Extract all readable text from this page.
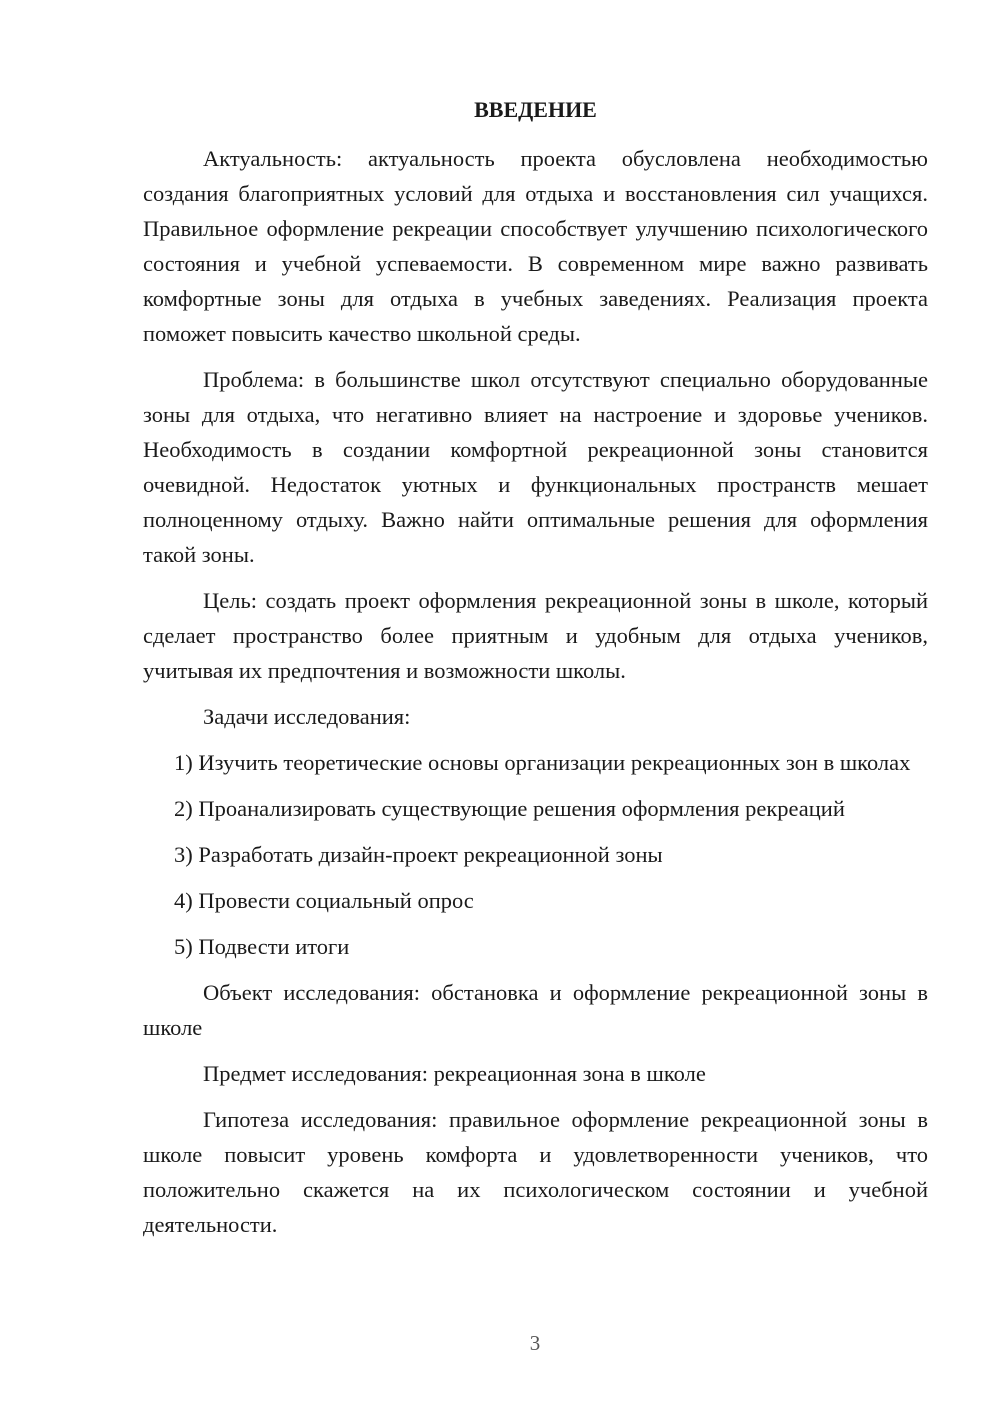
ВВЕДЕНИЕ

Актуальность: актуальность проекта обусловлена необходимостью создания благоприятных условий для отдыха и восстановления сил учащихся. Правильное оформление рекреации способствует улучшению психологического состояния и учебной успеваемости. В современном мире важно развивать комфортные зоны для отдыха в учебных заведениях. Реализация проекта поможет повысить качество школьной среды.

Проблема: в большинстве школ отсутствуют специально оборудованные зоны для отдыха, что негативно влияет на настроение и здоровье учеников. Необходимость в создании комфортной рекреационной зоны становится очевидной. Недостаток уютных и функциональных пространств мешает полноценному отдыху. Важно найти оптимальные решения для оформления такой зоны.

Цель: создать проект оформления рекреационной зоны в школе, который сделает пространство более приятным и удобным для отдыха учеников, учитывая их предпочтения и возможности школы.

Задачи исследования:

1) Изучить теоретические основы организации рекреационных зон в школах

2) Проанализировать существующие решения оформления рекреаций

3) Разработать дизайн-проект рекреационной зоны

4) Провести социальный опрос

5) Подвести итоги

Объект исследования: обстановка и оформление рекреационной зоны в школе

Предмет исследования: рекреационная зона в школе

Гипотеза исследования: правильное оформление рекреационной зоны в школе повысит уровень комфорта и удовлетворенности учеников, что положительно скажется на их психологическом состоянии и учебной деятельности.

3
